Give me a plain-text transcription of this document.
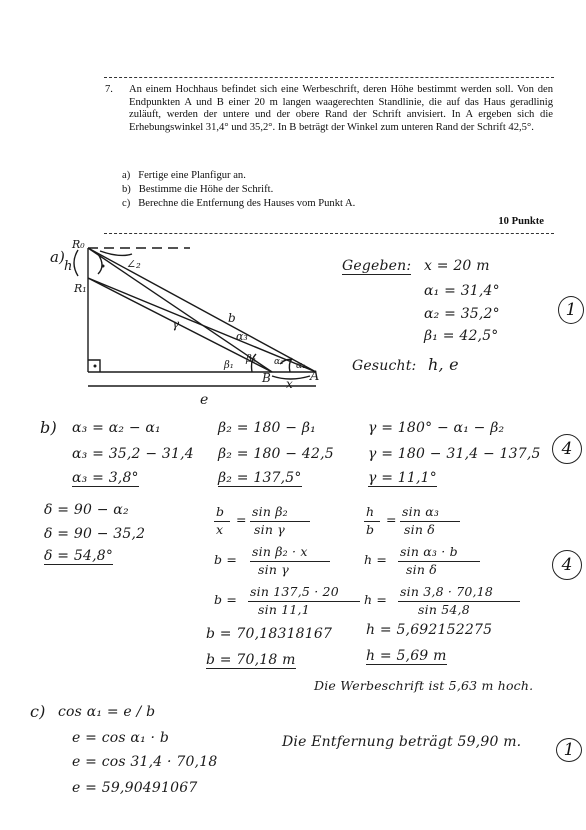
7.	An einem Hochhaus befindet sich eine Werbeschrift, deren Höhe bestimmt werden soll. Von den Endpunkten A und B einer 20 m langen waagerechten Standlinie, die auf das Haus geradlinig zuläuft, werden der untere und der obere Rand der Schrift anvisiert. In A ergeben sich die Erhebungswinkel 31,4° und 35,2°. In B beträgt der Winkel zum unteren Rand der Schrift 42,5°.
a) Fertige eine Planfigur an.
b) Bestimme die Höhe der Schrift.
c) Berechne die Entfernung des Hauses vom Punkt A.
10 Punkte
a)
R₀
R₁
h	∠₂
b
γ
α₃
β₁
β₂ α₂ α₁
B	A
x
e
Gegeben: x = 20 m
α₁ = 31,4°
α₂ = 35,2°
β₁ = 42,5°
Gesucht: h, e
b) α₃ = α₂ − α₁
α₃ = 35,2 − 31,4
α₃ = 3,8°
δ = 90 − α₂
δ = 90 − 35,2
δ = 54,8°
β₂ = 180 − β₁
β₂ = 180 − 42,5
β₂ = 137,5°
b
x
=
sin β₂
sin γ
b =
sin β₂ · x
sin γ
b =
sin 137,5 · 20
sin 11,1
b = 70,18318167
b = 70,18 m
γ = 180° − α₁ − β₂
γ = 180 − 31,4 − 137,5
γ = 11,1°
h
b
=
sin α₃
sin δ
h =
sin α₃ · b
sin δ
h =
sin 3,8 · 70,18
sin 54,8
h = 5,692152275
h = 5,69 m
Die Werbeschrift ist 5,63 m hoch.
c) cos α₁ = e / b
e = cos α₁ · b
e = cos 31,4 · 70,18
e = 59,90491067
Die Entfernung beträgt 59,90 m.
1
4
4
1
